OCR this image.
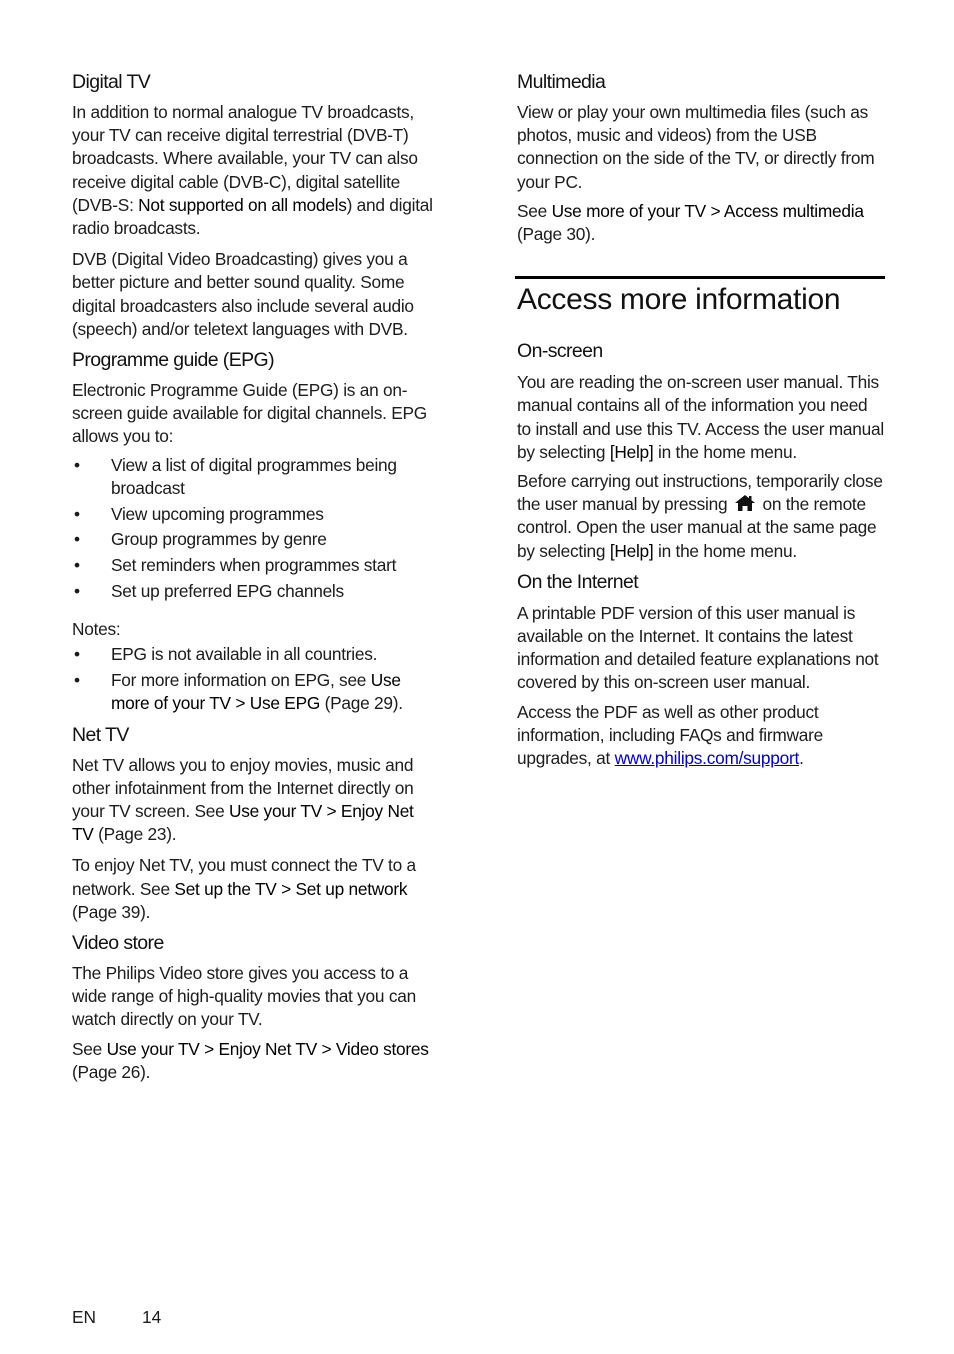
Digital TV

In addition to normal analogue TV broadcasts, your TV can receive digital terrestrial (DVB-T) broadcasts. Where available, your TV can also receive digital cable (DVB-C), digital satellite (DVB-S: Not supported on all models) and digital radio broadcasts.

DVB (Digital Video Broadcasting) gives you a better picture and better sound quality. Some digital broadcasters also include several audio (speech) and/or teletext languages with DVB.

Programme guide (EPG)

Electronic Programme Guide (EPG) is an on-screen guide available for digital channels. EPG allows you to:

• View a list of digital programmes being broadcast
• View upcoming programmes
• Group programmes by genre
• Set reminders when programmes start
• Set up preferred EPG channels

Notes:

• EPG is not available in all countries.
• For more information on EPG, see Use more of your TV > Use EPG (Page 29).
Net TV

Net TV allows you to enjoy movies, music and other infotainment from the Internet directly on your TV screen. See Use your TV > Enjoy Net TV (Page 23).

To enjoy Net TV, you must connect the TV to a network. See Set up the TV > Set up network (Page 39).

Video store

The Philips Video store gives you access to a wide range of high-quality movies that you can watch directly on your TV.

See Use your TV > Enjoy Net TV > Video stores (Page 26).

Multimedia

View or play your own multimedia files (such as photos, music and videos) from the USB connection on the side of the TV, or directly from your PC.

See Use more of your TV > Access multimedia (Page 30).

Access more information
On-screen

You are reading the on-screen user manual. This manual contains all of the information you need to install and use this TV. Access the user manual by selecting [Help] in the home menu.

Before carrying out instructions, temporarily close the user manual by pressing  on the remote control. Open the user manual at the same page by selecting [Help] in the home menu.

On the Internet

A printable PDF version of this user manual is available on the Internet. It contains the latest information and detailed feature explanations not covered by this on-screen user manual.

Access the PDF as well as other product information, including FAQs and firmware upgrades, at www.philips.com/support.

EN	14
